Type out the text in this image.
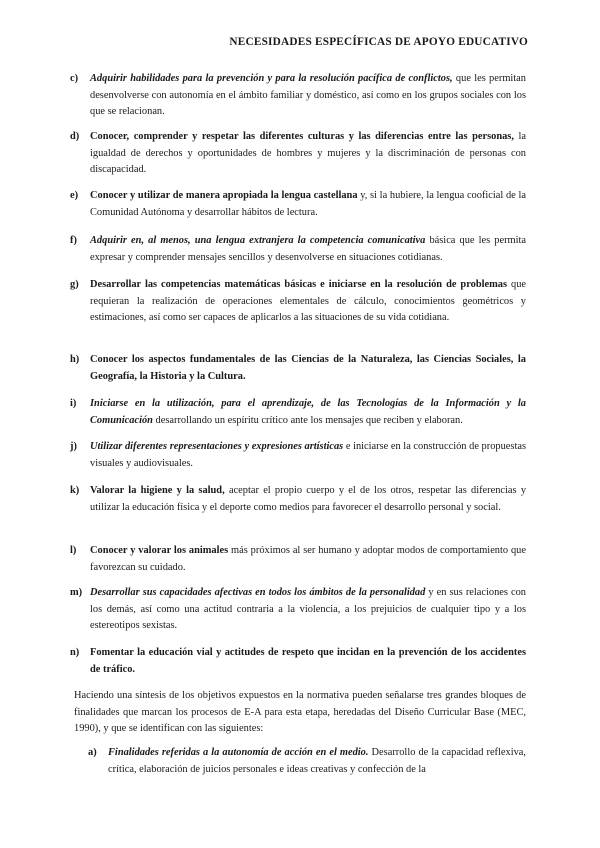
NECESIDADES ESPECÍFICAS DE APOYO EDUCATIVO
c) Adquirir habilidades para la prevención y para la resolución pacífica de conflictos, que les permitan desenvolverse con autonomía en el ámbito familiar y doméstico, así como en los grupos sociales con los que se relacionan.
d) Conocer, comprender y respetar las diferentes culturas y las diferencias entre las personas, la igualdad de derechos y oportunidades de hombres y mujeres y la discriminación de personas con discapacidad.
e) Conocer y utilizar de manera apropiada la lengua castellana y, si la hubiere, la lengua cooficial de la Comunidad Autónoma y desarrollar hábitos de lectura.
f) Adquirir en, al menos, una lengua extranjera la competencia comunicativa básica que les permita expresar y comprender mensajes sencillos y desenvolverse en situaciones cotidianas.
g) Desarrollar las competencias matemáticas básicas e iniciarse en la resolución de problemas que requieran la realización de operaciones elementales de cálculo, conocimientos geométricos y estimaciones, así como ser capaces de aplicarlos a las situaciones de su vida cotidiana.
h) Conocer los aspectos fundamentales de las Ciencias de la Naturaleza, las Ciencias Sociales, la Geografía, la Historia y la Cultura.
i) Iniciarse en la utilización, para el aprendizaje, de las Tecnologías de la Información y la Comunicación desarrollando un espíritu crítico ante los mensajes que reciben y elaboran.
j) Utilizar diferentes representaciones y expresiones artísticas e iniciarse en la construcción de propuestas visuales y audiovisuales.
k) Valorar la higiene y la salud, aceptar el propio cuerpo y el de los otros, respetar las diferencias y utilizar la educación física y el deporte como medios para favorecer el desarrollo personal y social.
l) Conocer y valorar los animales más próximos al ser humano y adoptar modos de comportamiento que favorezcan su cuidado.
m) Desarrollar sus capacidades afectivas en todos los ámbitos de la personalidad y en sus relaciones con los demás, así como una actitud contraria a la violencia, a los prejuicios de cualquier tipo y a los estereotipos sexistas.
n) Fomentar la educación vial y actitudes de respeto que incidan en la prevención de los accidentes de tráfico.
Haciendo una síntesis de los objetivos expuestos en la normativa pueden señalarse tres grandes bloques de finalidades que marcan los procesos de E-A para esta etapa, heredadas del Diseño Curricular Base (MEC, 1990), y que se identifican con las siguientes:
a) Finalidades referidas a la autonomía de acción en el medio. Desarrollo de la capacidad reflexiva, crítica, elaboración de juicios personales e ideas creativas y confección de la
